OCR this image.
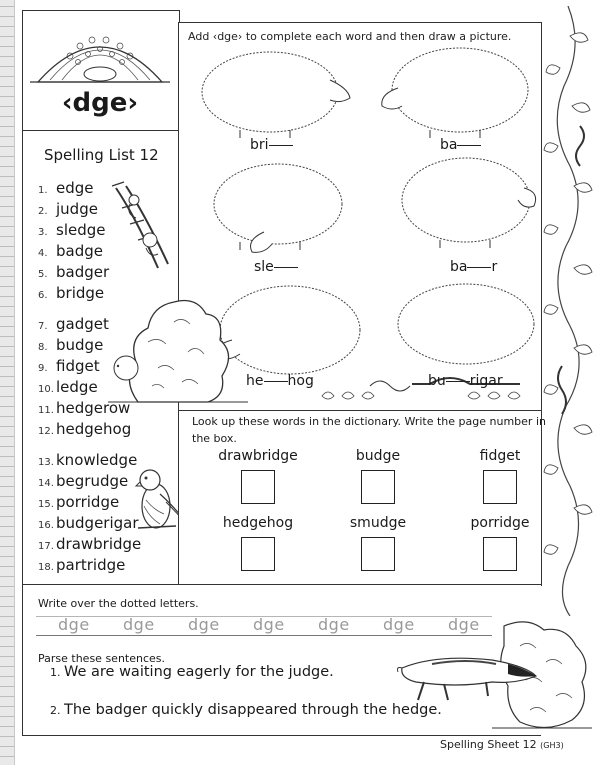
‹dge›
Spelling List 12
1. edge
2. judge
3. sledge
4. badge
5. badger
6. bridge
7. gadget
8. budge
9. fidget
10. ledge
11. hedgerow
12. hedgehog
13. knowledge
14. begrudge
15. porridge
16. budgerigar
17. drawbridge
18. partridge
Add ‹dge› to complete each word and then draw a picture.
bri	ba
sle	ba r
he hog	bu rigar
Look up these words in the dictionary. Write the page number in
the box.
drawbridge	budge	fidget
hedgehog	smudge	porridge
Write over the dotted letters.
dge dge dge dge dge dge dge
Parse these sentences.
1. We are waiting eagerly for the judge.
2. The badger quickly disappeared through the hedge.
Spelling Sheet 12 (GH3)
